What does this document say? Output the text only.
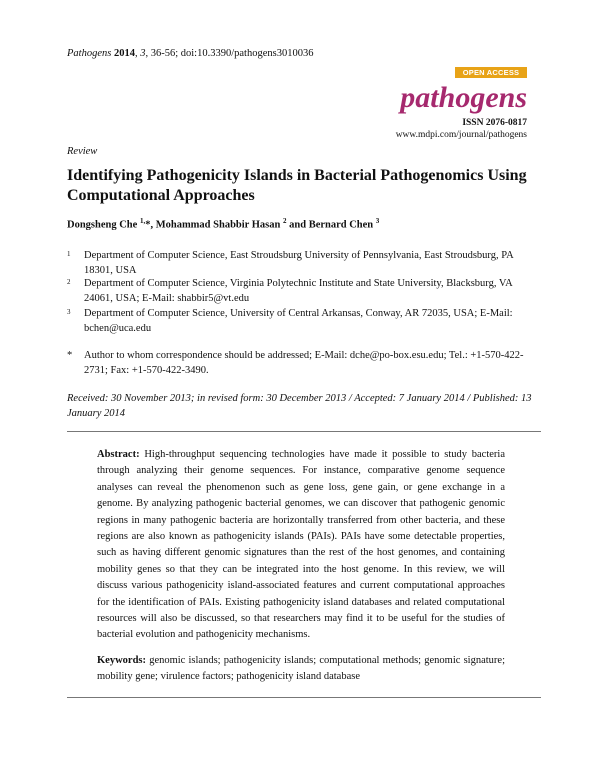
Pathogens 2014, 3, 36-56; doi:10.3390/pathogens3010036
OPEN ACCESS
pathogens
ISSN 2076-0817
www.mdpi.com/journal/pathogens
Review
Identifying Pathogenicity Islands in Bacterial Pathogenomics Using Computational Approaches
Dongsheng Che $^{1,}$*, Mohammad Shabbir Hasan $^2$ and Bernard Chen $^3$
1 Department of Computer Science, East Stroudsburg University of Pennsylvania, East Stroudsburg, PA 18301, USA
2 Department of Computer Science, Virginia Polytechnic Institute and State University, Blacksburg, VA 24061, USA; E-Mail: shabbir5@vt.edu
3 Department of Computer Science, University of Central Arkansas, Conway, AR 72035, USA; E-Mail: bchen@uca.edu
* Author to whom correspondence should be addressed; E-Mail: dche@po-box.esu.edu; Tel.: +1-570-422-2731; Fax: +1-570-422-3490.
Received: 30 November 2013; in revised form: 30 December 2013 / Accepted: 7 January 2014 / Published: 13 January 2014
Abstract: High-throughput sequencing technologies have made it possible to study bacteria through analyzing their genome sequences. For instance, comparative genome sequence analyses can reveal the phenomenon such as gene loss, gene gain, or gene exchange in a genome. By analyzing pathogenic bacterial genomes, we can discover that pathogenic genomic regions in many pathogenic bacteria are horizontally transferred from other bacteria, and these regions are also known as pathogenicity islands (PAIs). PAIs have some detectable properties, such as having different genomic signatures than the rest of the host genomes, and containing mobility genes so that they can be integrated into the host genome. In this review, we will discuss various pathogenicity island-associated features and current computational approaches for the identification of PAIs. Existing pathogenicity island databases and related computational resources will also be discussed, so that researchers may find it to be useful for the studies of bacterial evolution and pathogenicity mechanisms.
Keywords: genomic islands; pathogenicity islands; computational methods; genomic signature; mobility gene; virulence factors; pathogenicity island database
